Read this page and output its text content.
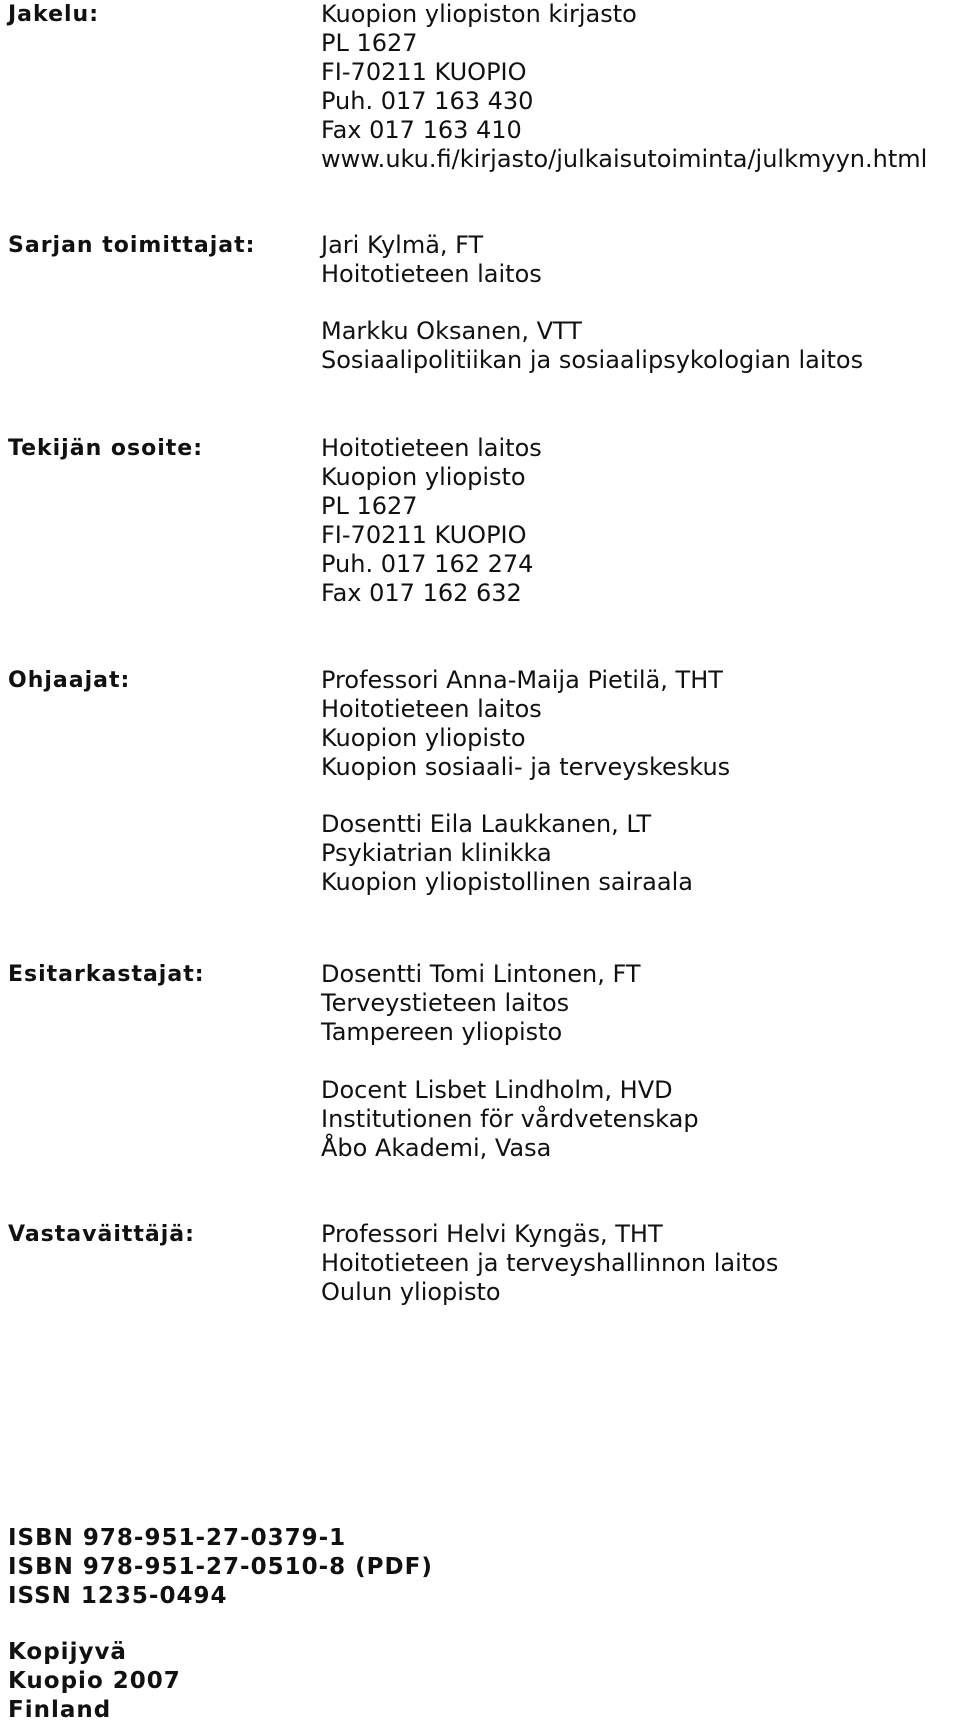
Jakelu:	Kuopion yliopiston kirjasto
PL 1627
FI-70211 KUOPIO
Puh. 017 163 430
Fax 017 163 410
www.uku.fi/kirjasto/julkaisutoiminta/julkmyyn.html
Sarjan toimittajat:	Jari Kylmä, FT
Hoitotieteen laitos
Markku Oksanen, VTT
Sosiaalipolitiikan ja sosiaalipsykologian laitos
Tekijän osoite:	Hoitotieteen laitos
Kuopion yliopisto
PL 1627
FI-70211 KUOPIO
Puh. 017 162 274
Fax 017 162 632
Ohjaajat:	Professori Anna-Maija Pietilä, THT
Hoitotieteen laitos
Kuopion yliopisto
Kuopion sosiaali- ja terveyskeskus
Dosentti Eila Laukkanen, LT
Psykiatrian klinikka
Kuopion yliopistollinen sairaala
Esitarkastajat:	Dosentti Tomi Lintonen, FT
Terveystieteen laitos
Tampereen yliopisto
Docent Lisbet Lindholm, HVD
Institutionen för vårdvetenskap
Åbo Akademi, Vasa
Vastaväittäjä:	Professori Helvi Kyngäs, THT
Hoitotieteen ja terveyshallinnon laitos
Oulun yliopisto
ISBN 978-951-27-0379-1
ISBN 978-951-27-0510-8 (PDF)
ISSN 1235-0494
Kopijyvä
Kuopio 2007
Finland
